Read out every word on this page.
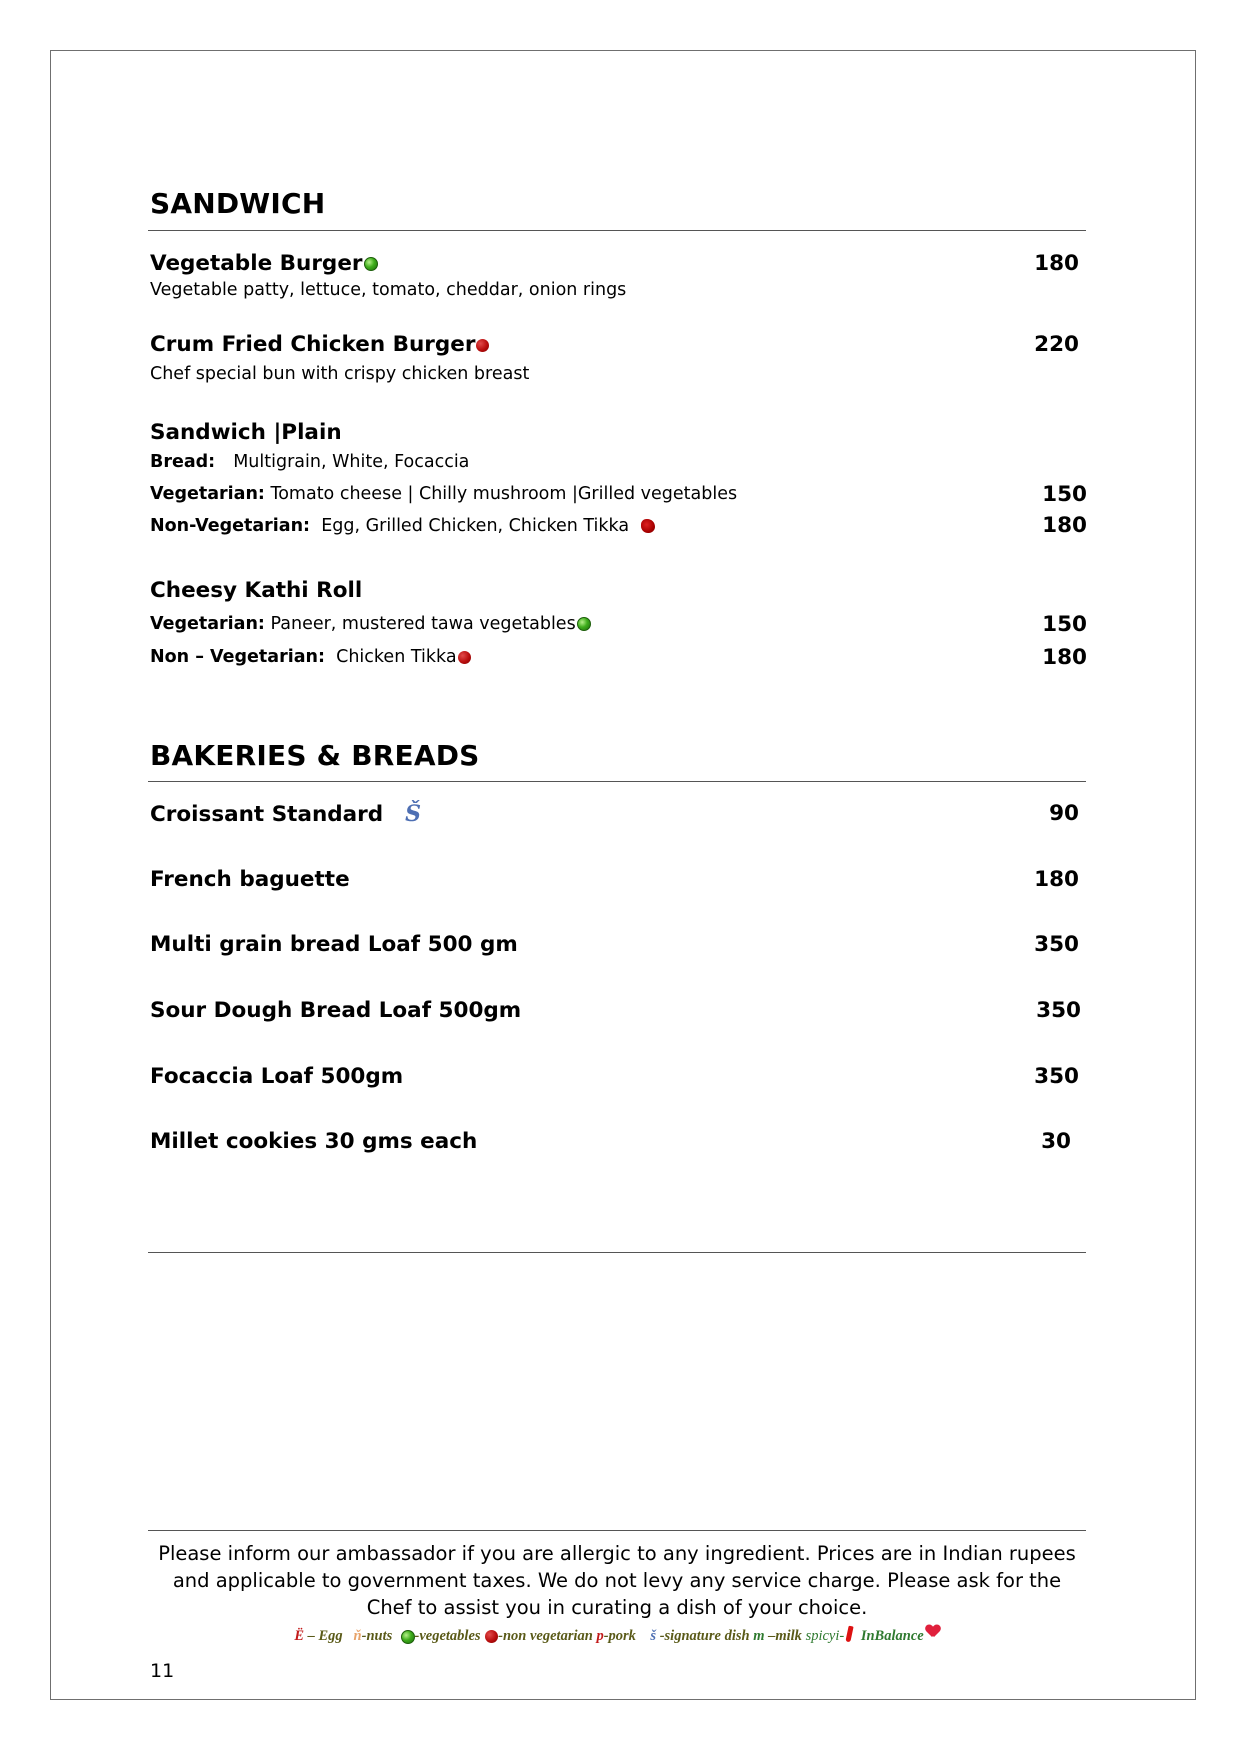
SANDWICH
Vegetable Burger	180
Vegetable patty, lettuce, tomato, cheddar, onion rings
Crum Fried Chicken Burger	220
Chef special bun with crispy chicken breast
Sandwich |Plain
Bread: Multigrain, White, Focaccia
Vegetarian: Tomato cheese | Chilly mushroom |Grilled vegetables	150
Non-Vegetarian: Egg, Grilled Chicken, Chicken Tikka	180
Cheesy Kathi Roll
Vegetarian: Paneer, mustered tawa vegetables	150
Non – Vegetarian: Chicken Tikka	180
BAKERIES & BREADS
Croissant Standard Š	90
French baguette	180
Multi grain bread Loaf 500 gm	350
Sour Dough Bread Loaf 500gm	350
Focaccia Loaf 500gm	350
Millet cookies 30 gms each	30
Please inform our ambassador if you are allergic to any ingredient. Prices are in Indian rupees and applicable to government taxes. We do not levy any service charge. Please ask for the Chef to assist you in curating a dish of your choice.
Ë – Egg ň-nuts -vegetables -non vegetarian p-pork š -signature dish m –milk spicyi- InBalance
11
